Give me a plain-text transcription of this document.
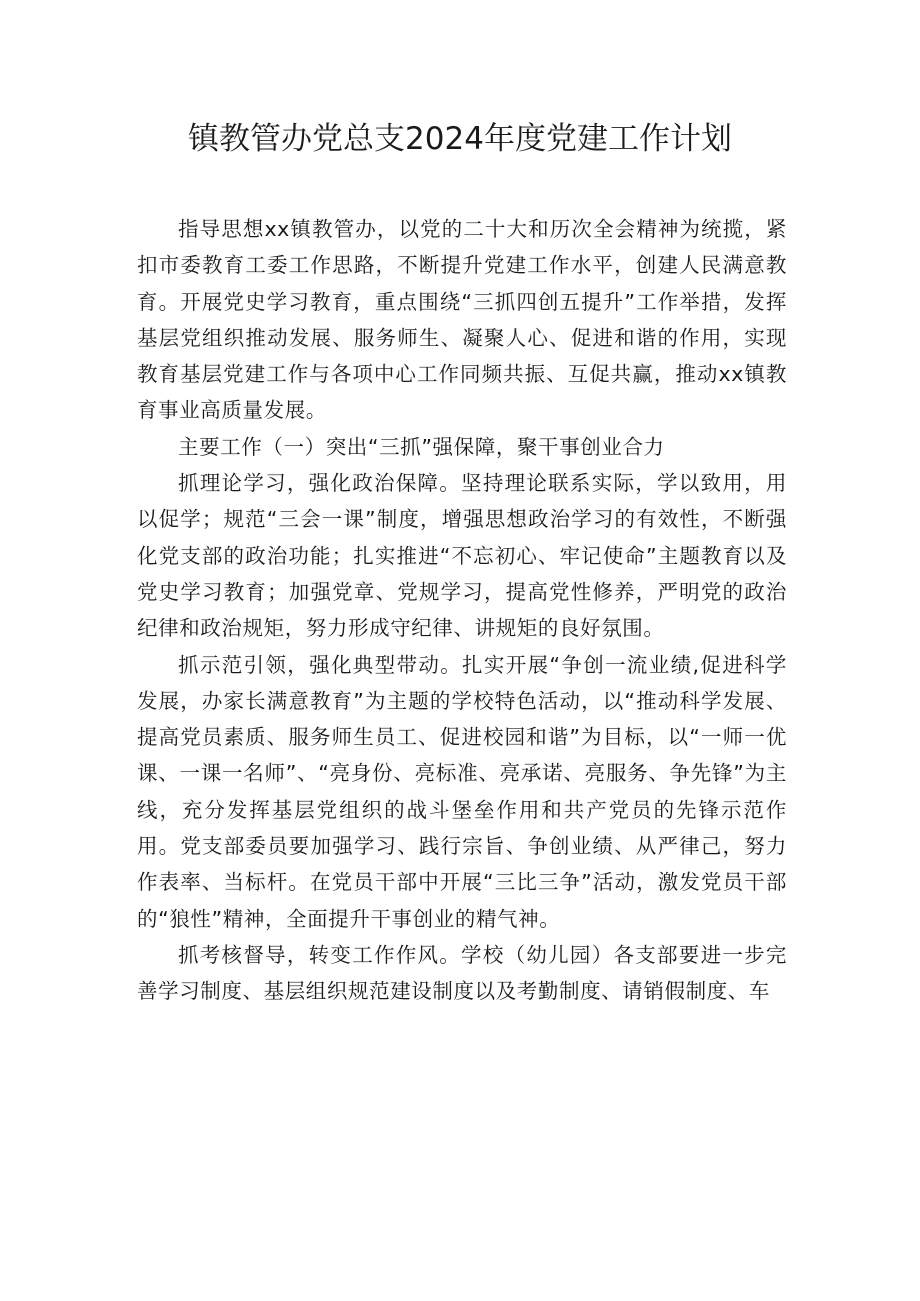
镇教管办党总支2024年度党建工作计划

指导思想xx镇教管办，以党的二十大和历次全会精神为统揽，紧扣市委教育工委工作思路，不断提升党建工作水平，创建人民满意教育。开展党史学习教育，重点围绕“三抓四创五提升”工作举措，发挥基层党组织推动发展、服务师生、凝聚人心、促进和谐的作用，实现教育基层党建工作与各项中心工作同频共振、互促共赢，推动xx镇教育事业高质量发展。

主要工作（一）突出“三抓”强保障，聚干事创业合力

抓理论学习，强化政治保障。坚持理论联系实际，学以致用，用以促学；规范“三会一课”制度，增强思想政治学习的有效性，不断强化党支部的政治功能；扎实推进“不忘初心、牢记使命”主题教育以及党史学习教育；加强党章、党规学习，提高党性修养，严明党的政治纪律和政治规矩，努力形成守纪律、讲规矩的良好氛围。

抓示范引领，强化典型带动。扎实开展“争创一流业绩,促进科学发展，办家长满意教育”为主题的学校特色活动，以“推动科学发展、提高党员素质、服务师生员工、促进校园和谐”为目标，以“一师一优课、一课一名师”、“亮身份、亮标准、亮承诺、亮服务、争先锋”为主线，充分发挥基层党组织的战斗堡垒作用和共产党员的先锋示范作用。党支部委员要加强学习、践行宗旨、争创业绩、从严律己，努力作表率、当标杆。在党员干部中开展“三比三争”活动，激发党员干部的“狼性”精神，全面提升干事创业的精气神。

抓考核督导，转变工作作风。学校（幼儿园）各支部要进一步完善学习制度、基层组织规范建设制度以及考勤制度、请销假制度、车
